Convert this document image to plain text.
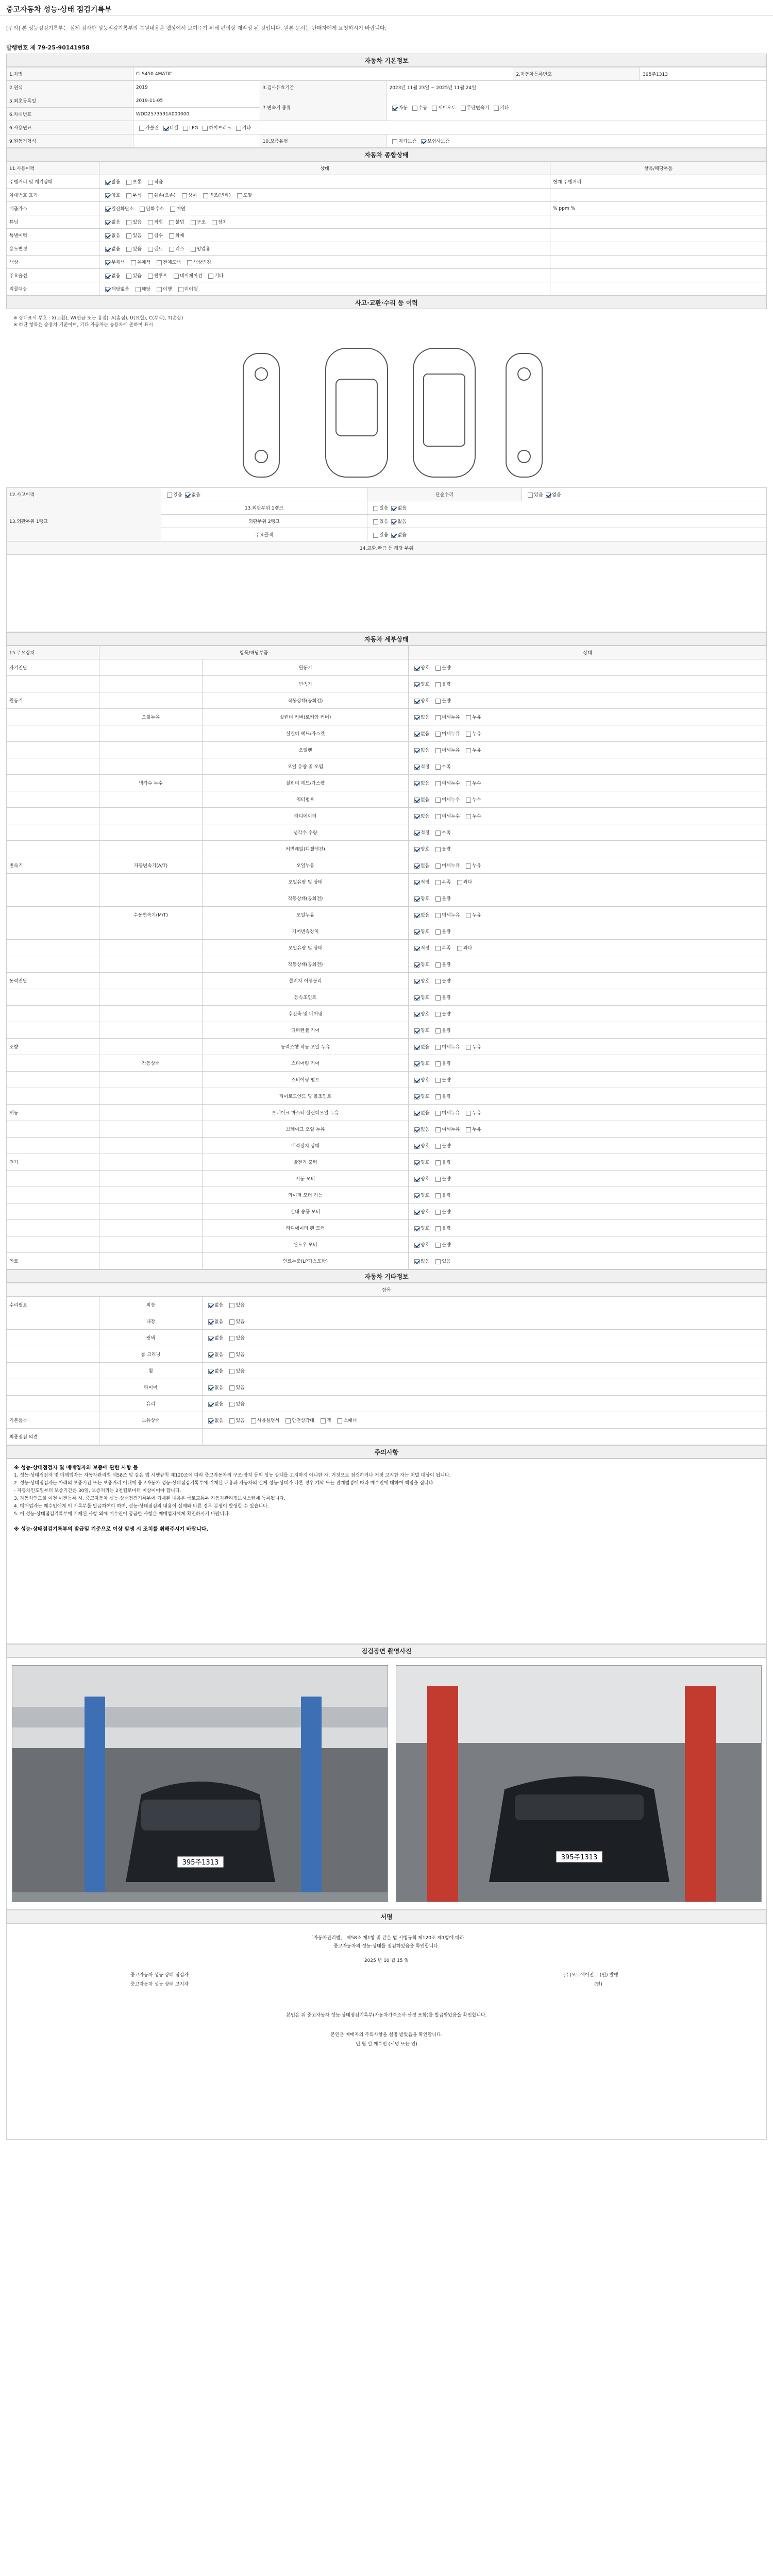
중고자동차 성능·상태 점검기록부
[주의] 본 성능점검기록부는 실제 검사한 성능점검기록부의 복원내용을 웹상에서 보여주기 위해 편의상 재작성 된 것입니다. 원본 문서는 판매자에게 요청하시기 바랍니다.
발행번호 제 79-25-90141958
자동차 기본정보
1.차명	CLS450 4MATIC			2.자동차등록번호	395주1313
2.연식	2019	3.검사유효기간	2023년 11월 23일 ~ 2025년 11월 24일		
5.최초등록일	2019-11-05	7.변속기 종류	자동 수동 세미오토 무단변속기 기타		
6.차대번호	WDD2573591A000000				
6.사용연료	가솔린 디젤 LPG 하이브리드 기타				
9.원동기형식		10.보증유형	자가보증 보험사보증		
자동차 종합상태
11.사용이력	상태	항목/해당부품
주행거리 및 계기상태	많음 보통 적음	현재 주행거리
차대번호 표기	양호 부식 훼손(오손) 상이 변조(변타) 도말	
배출가스	일산화탄소 탄화수소 매연	% ppm %
튜닝	없음 있음 적법 불법 구조 장치	
특별이력	없음 있음 침수 화재	
용도변경	없음 있음 렌트 리스 영업용	
색상	무채색 유채색 전체도색 색상변경	
주요옵션	없음 있음 썬루프 네비게이션 기타	
리콜대상	해당없음 해당 이행 미이행	
사고·교환·수리 등 이력
※ 상태표시 부호 : X(교환), W(판금 또는 용접), A(흠집), U(요철), C(부식), T(손상)
※ 하단 항목은 승용차 기준이며, 기타 자동차는 승용차에 준하여 표시
12.사고이력	있음 없음	단순수리	있음 없음
13.외판부위 1랭크	13.외판부위 1랭크	있음 없음	
	외판부위 2랭크	있음 없음	
	주요골격	있음 없음	
14.교환,판금 등 해당 부위			

자동차 세부상태
15.주요장치	항목/해당부품		상태
자기진단		원동기	양호 불량
		변속기	양호 불량
원동기		작동상태(공회전)	양호 불량
	오일누유	실린더 커버(로커암 커버)	없음 미세누유 누유
		실린더 헤드/가스켓	없음 미세누유 누유
		오일팬	없음 미세누유 누유
		오일 유량 및 오염	적정 부족
	냉각수 누수	실린더 헤드/가스켓	없음 미세누수 누수
		워터펌프	없음 미세누수 누수
		라디에이터	없음 미세누수 누수
		냉각수 수량	적정 부족
		커먼레일(디젤엔진)	양호 불량
변속기	자동변속기(A/T)	오일누유	없음 미세누유 누유
		오일유량 및 상태	적정 부족 과다
		작동상태(공회전)	양호 불량
	수동변속기(M/T)	오일누유	없음 미세누유 누유
		기어변속장치	양호 불량
		오일유량 및 상태	적정 부족 과다
		작동상태(공회전)	양호 불량
동력전달		클러치 어셈블리	양호 불량
		등속조인트	양호 불량
		추진축 및 베어링	양호 불량
		디퍼렌셜 기어	양호 불량
조향		동력조향 작동 오일 누유	없음 미세누유 누유
	작동상태	스티어링 기어	양호 불량
		스티어링 펌프	양호 불량
		타이로드엔드 및 볼조인트	양호 불량
제동		브레이크 마스터 실린더오일 누유	없음 미세누유 누유
		브레이크 오일 누유	없음 미세누유 누유
		배력장치 상태	양호 불량
전기		발전기 출력	양호 불량
		시동 모터	양호 불량
		와이퍼 모터 기능	양호 불량
		실내 송풍 모터	양호 불량
		라디에이터 팬 모터	양호 불량
		윈도우 모터	양호 불량
연료		연료누출(LP가스포함)	없음 있음
자동차 기타정보
항목		
수리필요	외장	없음 있음
	내장	없음 있음
	광택	없음 있음
	룸 크리닝	없음 있음
	휠	없음 있음
	타이어	없음 있음
	유리	없음 있음
기본품목	보유상태	없음 있음 사용설명서 안전삼각대 잭 스패너
최종점검 의견		
주의사항

※ 성능·상태점검자 및 매매업자의 보증에 관한 사항 등

1. 성능·상태점검자 및 매매업자는 자동차관리법 제58조 및 같은 법 시행규칙 제120조에 따라 중고자동차의 구조·장치 등의 성능·상태를 고지하지 아니한 자, 거짓으로 점검하거나 거짓 고지한 자는 처벌 대상이 됩니다.

2. 성능·상태점검자는 아래의 보증기간 또는 보증거리 이내에 중고자동차 성능·상태점검기록부에 기재된 내용과 자동차의 실제 성능·상태가 다른 경우 계약 또는 관계법령에 따라 매수인에 대하여 책임을 집니다.

- 자동차인도일부터 보증기간은 30일, 보증거리는 2천킬로미터 이상이어야 합니다.

3. 자동차인도일 이전 이전등록 시, 중고자동차 성능·상태점검기록부에 기재된 내용은 국토교통부 자동차관리정보시스템에 등록됩니다.

4. 매매업자는 매수인에게 이 기록부를 발급하여야 하며, 성능·상태점검의 내용이 실제와 다른 경우 분쟁이 발생할 수 있습니다.

5. 이 성능·상태점검기록부에 기재된 사항 외에 매수인이 궁금한 사항은 매매업자에게 확인하시기 바랍니다.

※ 성능·상태점검기록부의 발급일 기준으로 이상 발생 시 조치를 취해주시기 바랍니다.

점검장면 촬영사진
395주1313
395주1313
서명
「자동차관리법」 제58조 제1항 및 같은 법 시행규칙 제120조 제1항에 따라
중고자동차의 성능·상태를 점검하였음을 확인합니다.
2025 년 10 월 15 일
중고자동차 성능·상태 점검자	(주)오토에이전트 (인) 발행
중고자동차 성능·상태 고지자	(인)
본인은 위 중고자동차 성능·상태점검기록부(자동차가격조사·산정 포함)를 발급받았음을 확인합니다.
본인은 매매자의 주의사항을 설명 받았음을 확인합니다.
년 월 일 매수인 (서명 또는 인)
